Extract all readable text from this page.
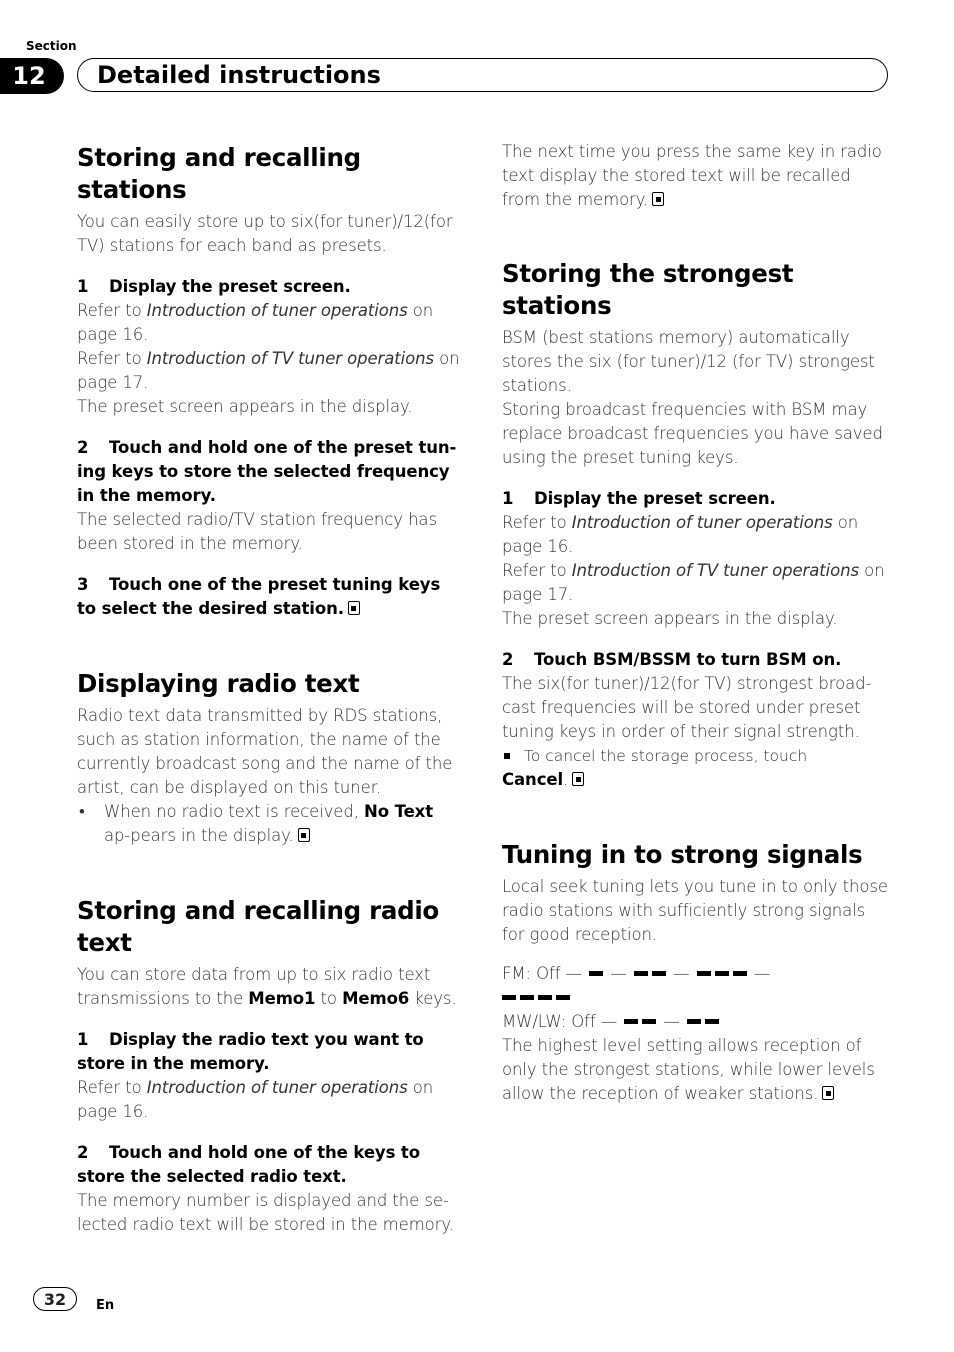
Section
12	Detailed instructions
Storing and recalling stations

You can easily store up to six(for tuner)/12(for TV) stations for each band as presets.

1 Display the preset screen.

Refer to Introduction of tuner operations on page 16.

Refer to Introduction of TV tuner operations on page 17.

The preset screen appears in the display.

2 Touch and hold one of the preset tun-ing keys to store the selected frequency in the memory.

The selected radio/TV station frequency has been stored in the memory.

3 Touch one of the preset tuning keys to select the desired station.

Displaying radio text

Radio text data transmitted by RDS stations, such as station information, the name of the currently broadcast song and the name of the artist, can be displayed on this tuner.

•	When no radio text is received, No Text ap-pears in the display.
Storing and recalling radio text

You can store data from up to six radio text transmissions to the Memo1 to Memo6 keys.

1 Display the radio text you want to store in the memory.

Refer to Introduction of tuner operations on page 16.

2 Touch and hold one of the keys to store the selected radio text.

The memory number is displayed and the se-lected radio text will be stored in the memory.

The next time you press the same key in radio text display the stored text will be recalled from the memory.

Storing the strongest stations

BSM (best stations memory) automatically stores the six (for tuner)/12 (for TV) strongest stations.

Storing broadcast frequencies with BSM may replace broadcast frequencies you have saved using the preset tuning keys.

1 Display the preset screen.

Refer to Introduction of tuner operations on page 16.

Refer to Introduction of TV tuner operations on page 17.

The preset screen appears in the display.

2 Touch BSM/BSSM to turn BSM on.

The six(for tuner)/12(for TV) strongest broad-cast frequencies will be stored under preset tuning keys in order of their signal strength.

To cancel the storage process, touch

Cancel.

Tuning in to strong signals

Local seek tuning lets you tune in to only those radio stations with sufficiently strong signals for good reception.

FM: Off — —	—	—

MW/LW: Off —	—

The highest level setting allows reception of only the strongest stations, while lower levels allow the reception of weaker stations.

32	En
